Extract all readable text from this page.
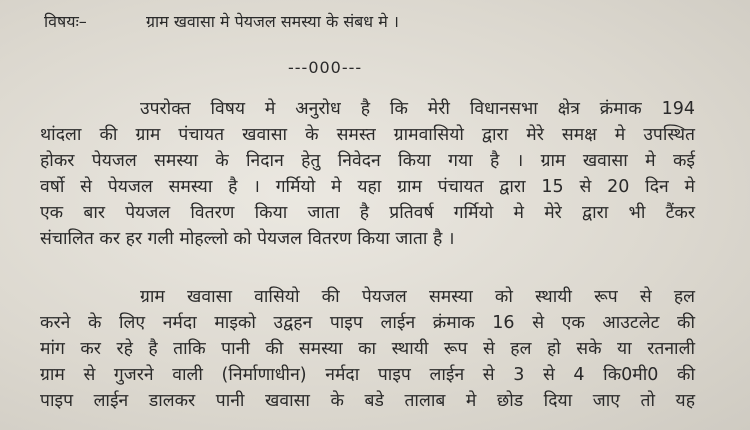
विषयः–	ग्राम खवासा मे पेयजल समस्या के संबध मे ।
---000---
उपरोक्त विषय मे अनुरोध है कि मेरी विधानसभा क्षेत्र क्रंमाक 194
थांदला की ग्राम पंचायत खवासा के समस्त ग्रामवासियो द्वारा मेरे समक्ष मे उपस्थित
होकर पेयजल समस्या के निदान हेतु निवेदन किया गया है । ग्राम खवासा मे कई
वर्षो से पेयजल समस्या है । गर्मियो मे यहा ग्राम पंचायत द्वारा 15 से 20 दिन मे
एक बार पेयजल वितरण किया जाता है प्रतिवर्ष गर्मियो मे मेरे द्वारा भी टैंकर
संचालित कर हर गली मोहल्लो को पेयजल वितरण किया जाता है ।
ग्राम खवासा वासियो की पेयजल समस्या को स्थायी रूप से हल
करने के लिए नर्मदा माइको उद्वहन पाइप लाईन क्रंमाक 16 से एक आउटलेट की
मांग कर रहे है ताकि पानी की समस्या का स्थायी रूप से हल हो सके या रतनाली
ग्राम से गुजरने वाली (निर्माणाधीन) नर्मदा पाइप लाईन से 3 से 4 कि0मी0 की
पाइप लाईन डालकर पानी खवासा के बडे तालाब मे छोड दिया जाए तो यह
